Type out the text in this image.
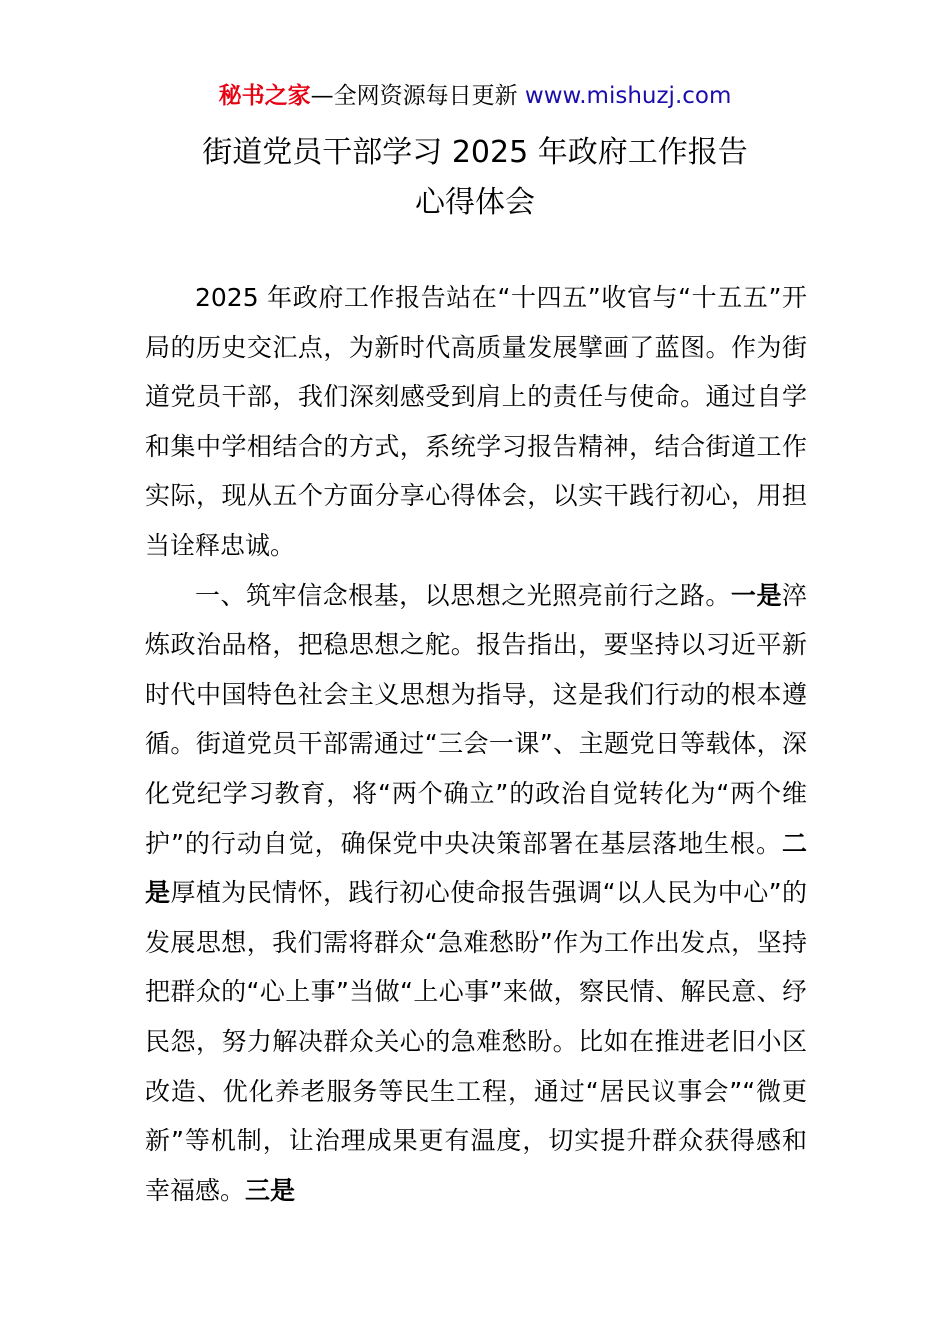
秘书之家—全网资源每日更新 www.mishuzj.com
街道党员干部学习 2025 年政府工作报告
心得体会

2025 年政府工作报告站在“十四五”收官与“十五五”开局的历史交汇点，为新时代高质量发展擘画了蓝图。作为街道党员干部，我们深刻感受到肩上的责任与使命。通过自学和集中学相结合的方式，系统学习报告精神，结合街道工作实际，现从五个方面分享心得体会，以实干践行初心，用担当诠释忠诚。

一、筑牢信念根基，以思想之光照亮前行之路。一是淬炼政治品格，把稳思想之舵。报告指出，要坚持以习近平新时代中国特色社会主义思想为指导，这是我们行动的根本遵循。街道党员干部需通过“三会一课”、主题党日等载体，深化党纪学习教育，将“两个确立”的政治自觉转化为“两个维护”的行动自觉，确保党中央决策部署在基层落地生根。二是厚植为民情怀，践行初心使命报告强调“以人民为中心”的发展思想，我们需将群众“急难愁盼”作为工作出发点，坚持把群众的“心上事”当做“上心事”来做，察民情、解民意、纾民怨，努力解决群众关心的急难愁盼。比如在推进老旧小区改造、优化养老服务等民生工程，通过“居民议事会”“微更新”等机制，让治理成果更有温度，切实提升群众获得感和幸福感。三是
